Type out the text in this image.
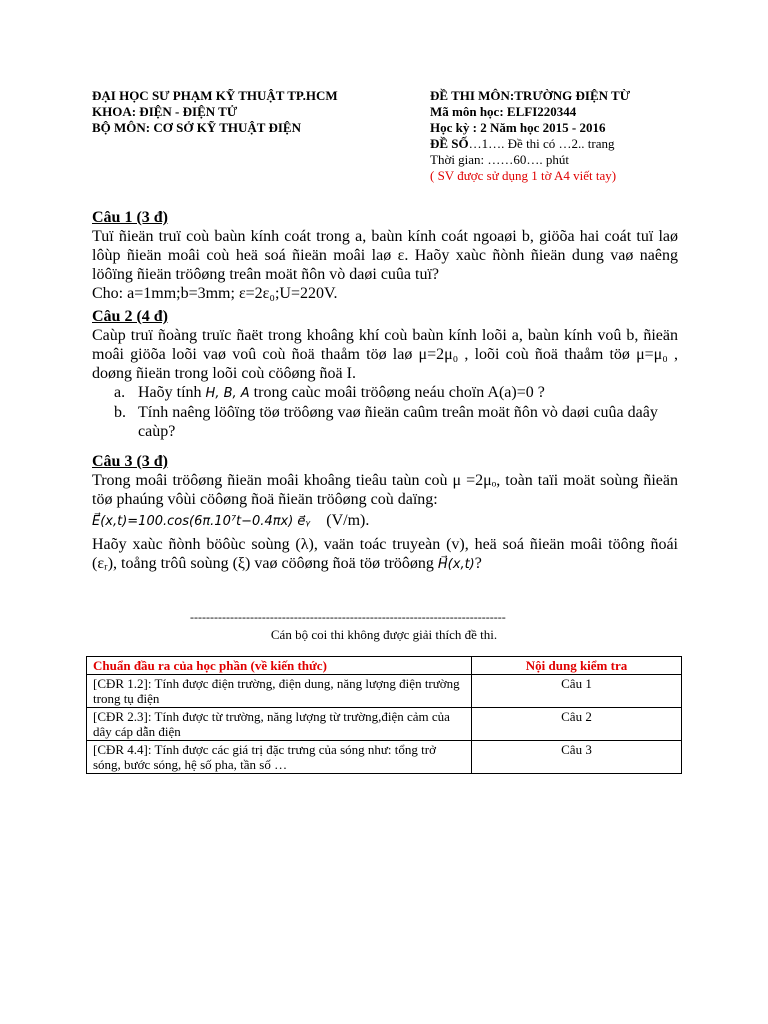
ĐẠI HỌC SƯ PHẠM KỸ THUẬT TP.HCM
KHOA: ĐIỆN - ĐIỆN TỬ
BỘ MÔN: CƠ SỞ KỸ THUẬT ĐIỆN
ĐỀ THI MÔN:TRƯỜNG ĐIỆN TỪ
Mã môn học: ELFI220344
Học kỳ : 2 Năm học 2015 - 2016
ĐỀ SỐ…1…. Đề thi có …2.. trang
Thời gian: ……60…. phút
( SV được sử dụng 1 tờ A4 viết tay)
Câu 1 (3 đ)

Tuï ñieän truï coù baùn kính coát trong a, baùn kính coát ngoaøi b, giöõa hai coát tuï laø lôùp ñieän moâi coù heä soá ñieän moâi laø ε. Haõy xaùc ñònh ñieän dung vaø naêng löôïng ñieän tröôøng treân moät ñôn vò daøi cuûa tuï?

Cho: a=1mm;b=3mm; ε=2ε₀;U=220V.

Câu 2 (4 đ)

Caùp truï ñoàng truïc ñaët trong khoâng khí coù baùn kính loõi a, baùn kính voû b, ñieän moâi giöõa loõi vaø voû coù ñoä thaåm töø laø μ=2μ₀ , loõi coù ñoä thaåm töø μ=μ₀ , doøng ñieän trong loõi coù cöôøng ñoä I.

a. Haõy tính H, B, A trong caùc moâi tröôøng neáu choïn A(a)=0 ?
b. Tính naêng löôïng töø tröôøng vaø ñieän caûm treân moät ñôn vò daøi cuûa daây caùp?
Câu 3 (3 đ)

Trong moâi tröôøng ñieän moâi khoâng tieâu taùn coù μ =2μₒ, toàn taïi moät soùng ñieän töø phaúng vôùi cöôøng ñoä ñieän tröôøng coù daïng:

E⃗(x,t)=100.cos(6π.10⁷t−0.4πx) e⃗ᵧ (V/m).

Haõy xaùc ñònh böôùc soùng (λ), vaän toác truyeàn (v), heä soá ñieän moâi töông ñoái (εᵣ), toång trôû soùng (ξ) vaø cöôøng ñoä töø tröôøng H⃗(x,t)?

-------------------------------------------------------------------------------
Cán bộ coi thi không được giải thích đề thi.
Chuẩn đầu ra của học phần (về kiến thức)	Nội dung kiểm tra
[CĐR 1.2]: Tính được điện trường, điện dung, năng lượng điện trường trong tụ điện	Câu 1
[CĐR 2.3]: Tính được từ trường, năng lượng từ trường,điện cảm của dây cáp dẫn điện	Câu 2
[CĐR 4.4]: Tính được các giá trị đặc trưng của sóng như: tổng trở sóng, bước sóng, hệ số pha, tần số …	Câu 3
